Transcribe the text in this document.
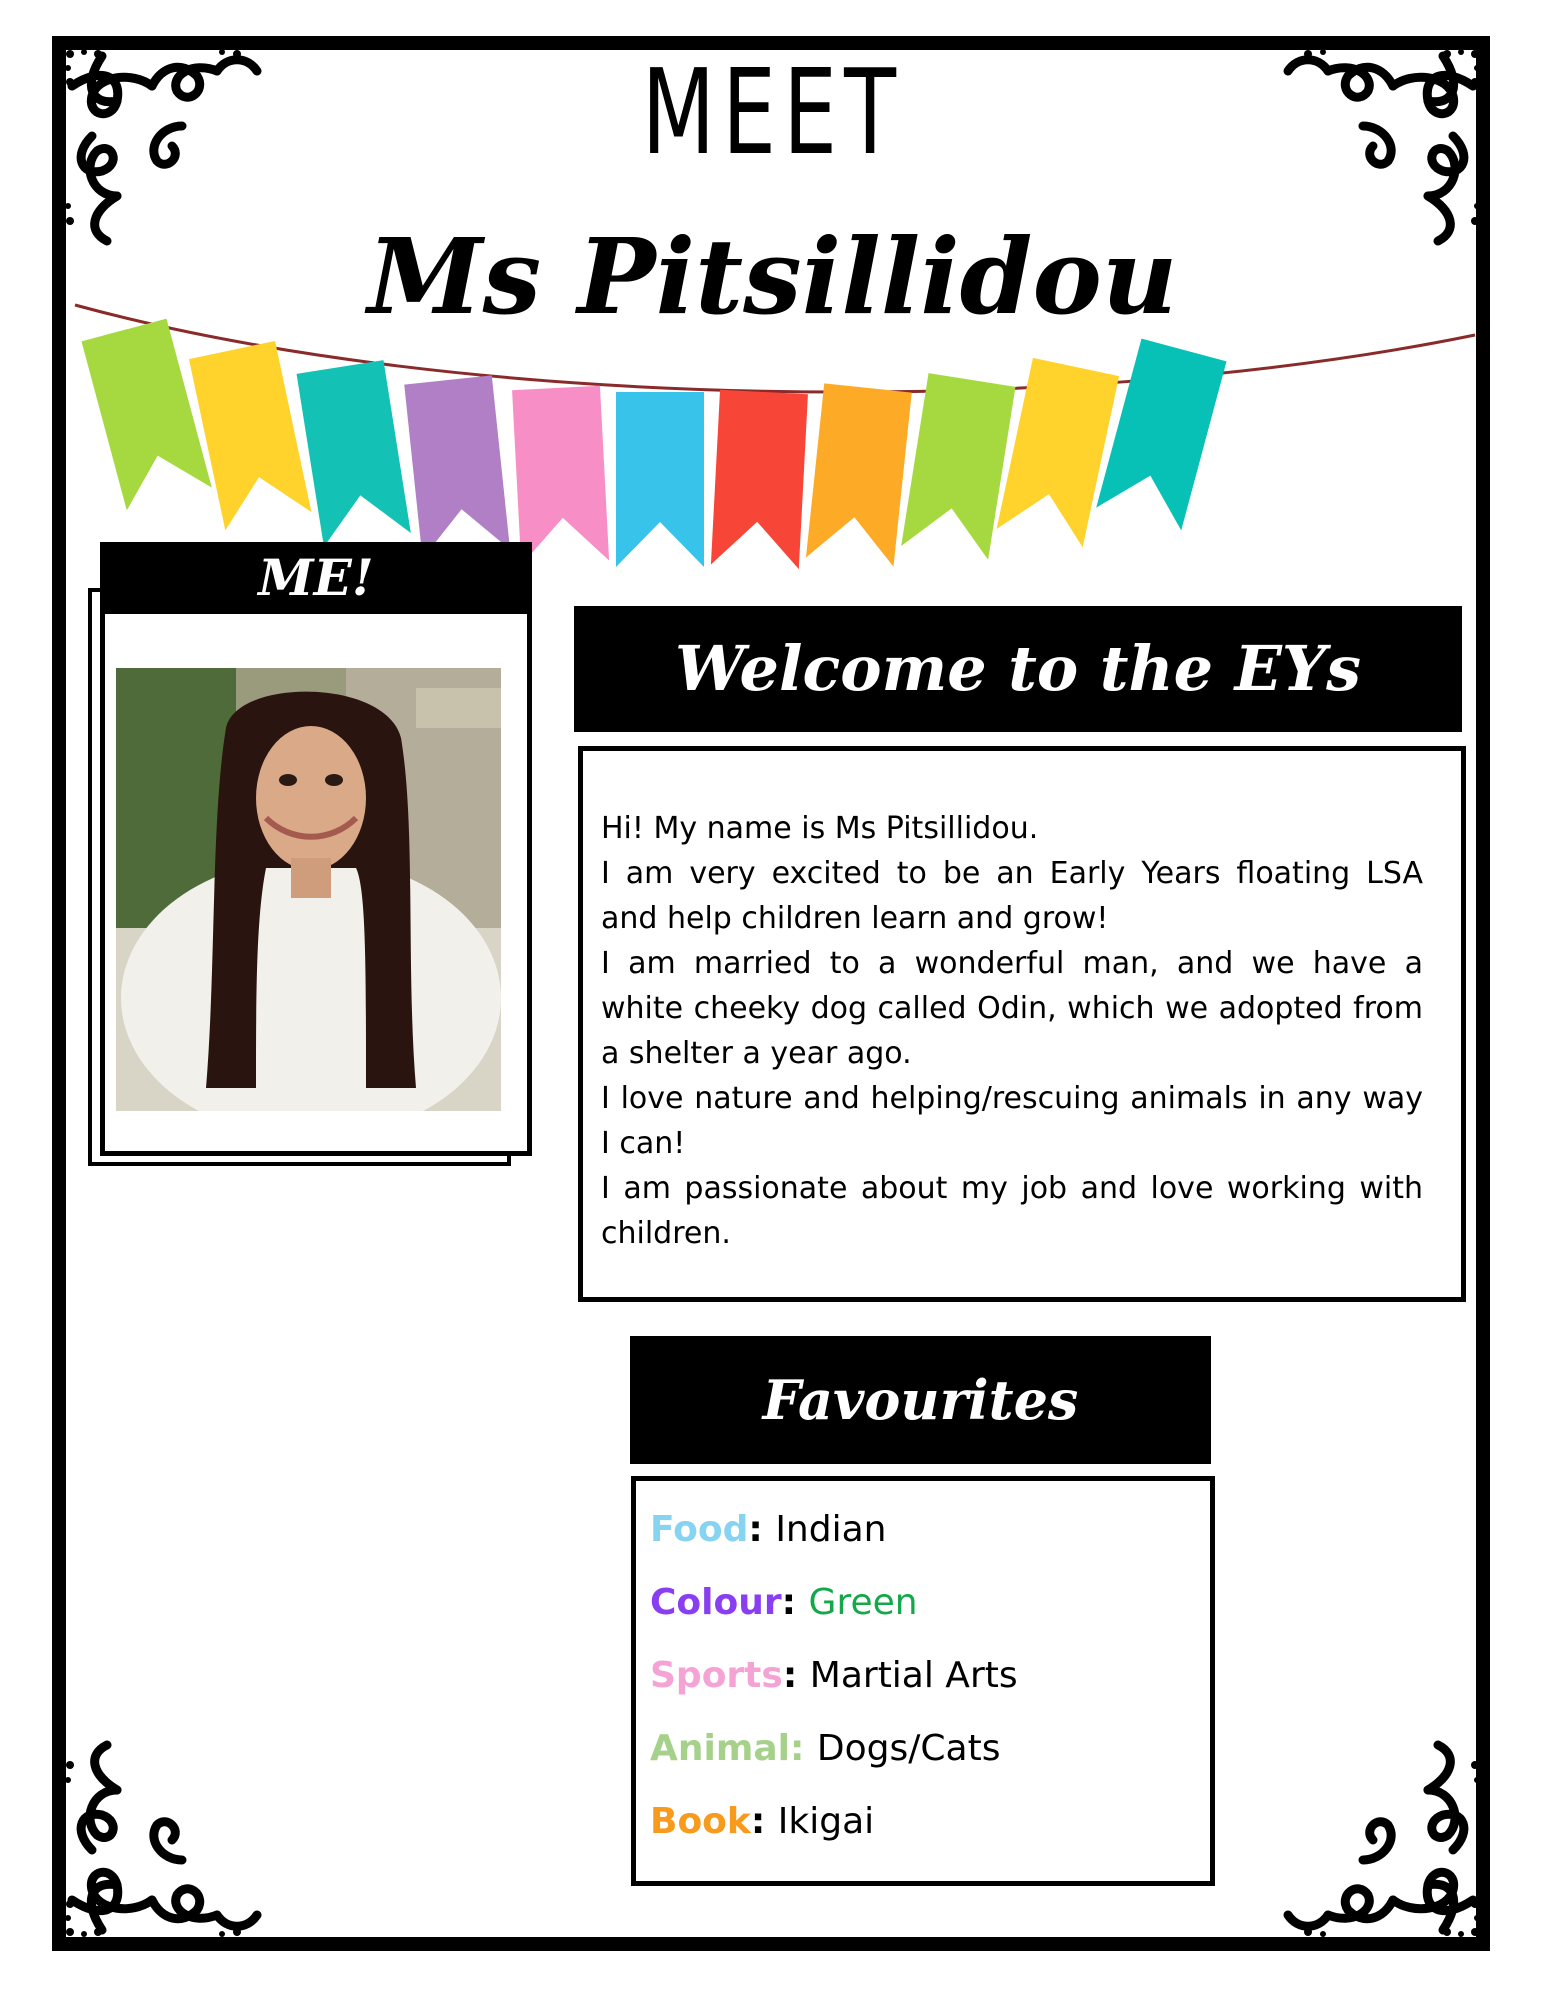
MEET
Ms Pitsillidou
ME!
Welcome to the EYs

Hi! My name is Ms Pitsillidou.

I am very excited to be an Early Years floating LSA and help children learn and grow!

I am married to a wonderful man, and we have a white cheeky dog called Odin, which we adopted from a shelter a year ago.

I love nature and helping/rescuing animals in any way I can!

I am passionate about my job and love working with children.

Favourites

Food: Indian

Colour: Green

Sports: Martial Arts

Animal: Dogs/Cats

Book: Ikigai
